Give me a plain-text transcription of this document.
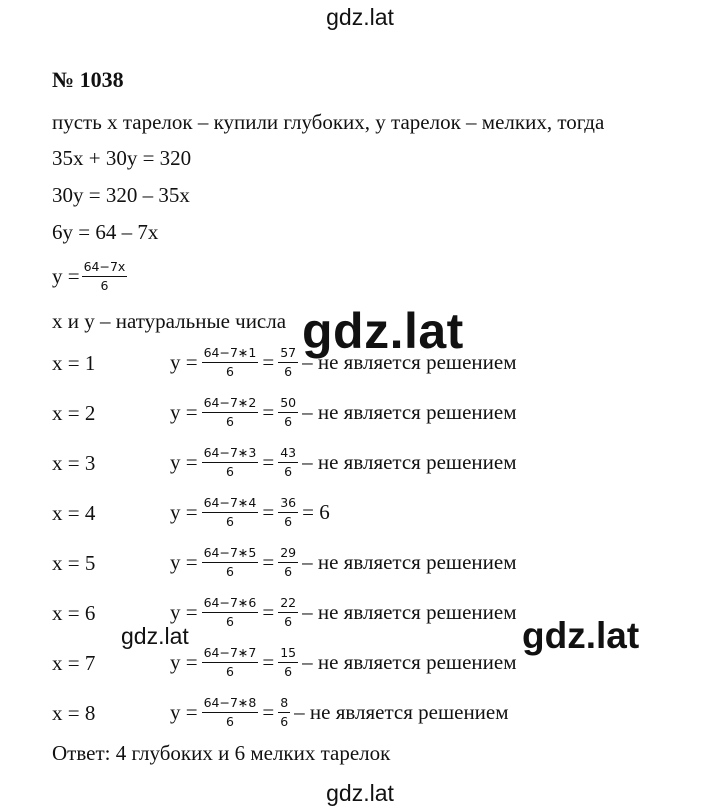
gdz.lat
№ 1038
пусть x тарелок – купили глубоких, y тарелок – мелких, тогда
35x + 30y = 320
30y = 320 – 35x
6y = 64 – 7x
$y = \frac{64-7x}{6}$
x и y – натуральные числа
x = 1	$y = \frac{64-7∗1}{6} = \frac{57}{6}$ – не является решением
x = 2	$y = \frac{64-7∗2}{6} = \frac{50}{6}$ – не является решением
x = 3	$y = \frac{64-7∗3}{6} = \frac{43}{6}$ – не является решением
x = 4	$y = \frac{64-7∗4}{6} = \frac{36}{6} = 6$
x = 5	$y = \frac{64-7∗5}{6} = \frac{29}{6}$ – не является решением
x = 6	$y = \frac{64-7∗6}{6} = \frac{22}{6}$ – не является решением
x = 7	$y = \frac{64-7∗7}{6} = \frac{15}{6}$ – не является решением
x = 8	$y = \frac{64-7∗8}{6} = \frac{8}{6}$ – не является решением
Ответ: 4 глубоких и 6 мелких тарелок
gdz.lat
gdz.lat	gdz.lat
gdz.lat
